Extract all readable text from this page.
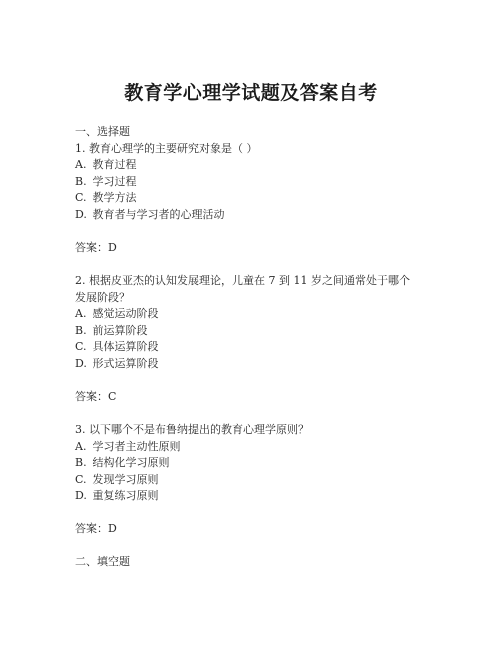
教育学心理学试题及答案自考
一、选择题
1. 教育心理学的主要研究对象是（ ）
A. 教育过程
B. 学习过程
C. 教学方法
D. 教育者与学习者的心理活动
答案：D
2. 根据皮亚杰的认知发展理论，儿童在 7 到 11 岁之间通常处于哪个
发展阶段？
A. 感觉运动阶段
B. 前运算阶段
C. 具体运算阶段
D. 形式运算阶段
答案：C
3. 以下哪个不是布鲁纳提出的教育心理学原则？
A. 学习者主动性原则
B. 结构化学习原则
C. 发现学习原则
D. 重复练习原则
答案：D
二、填空题
